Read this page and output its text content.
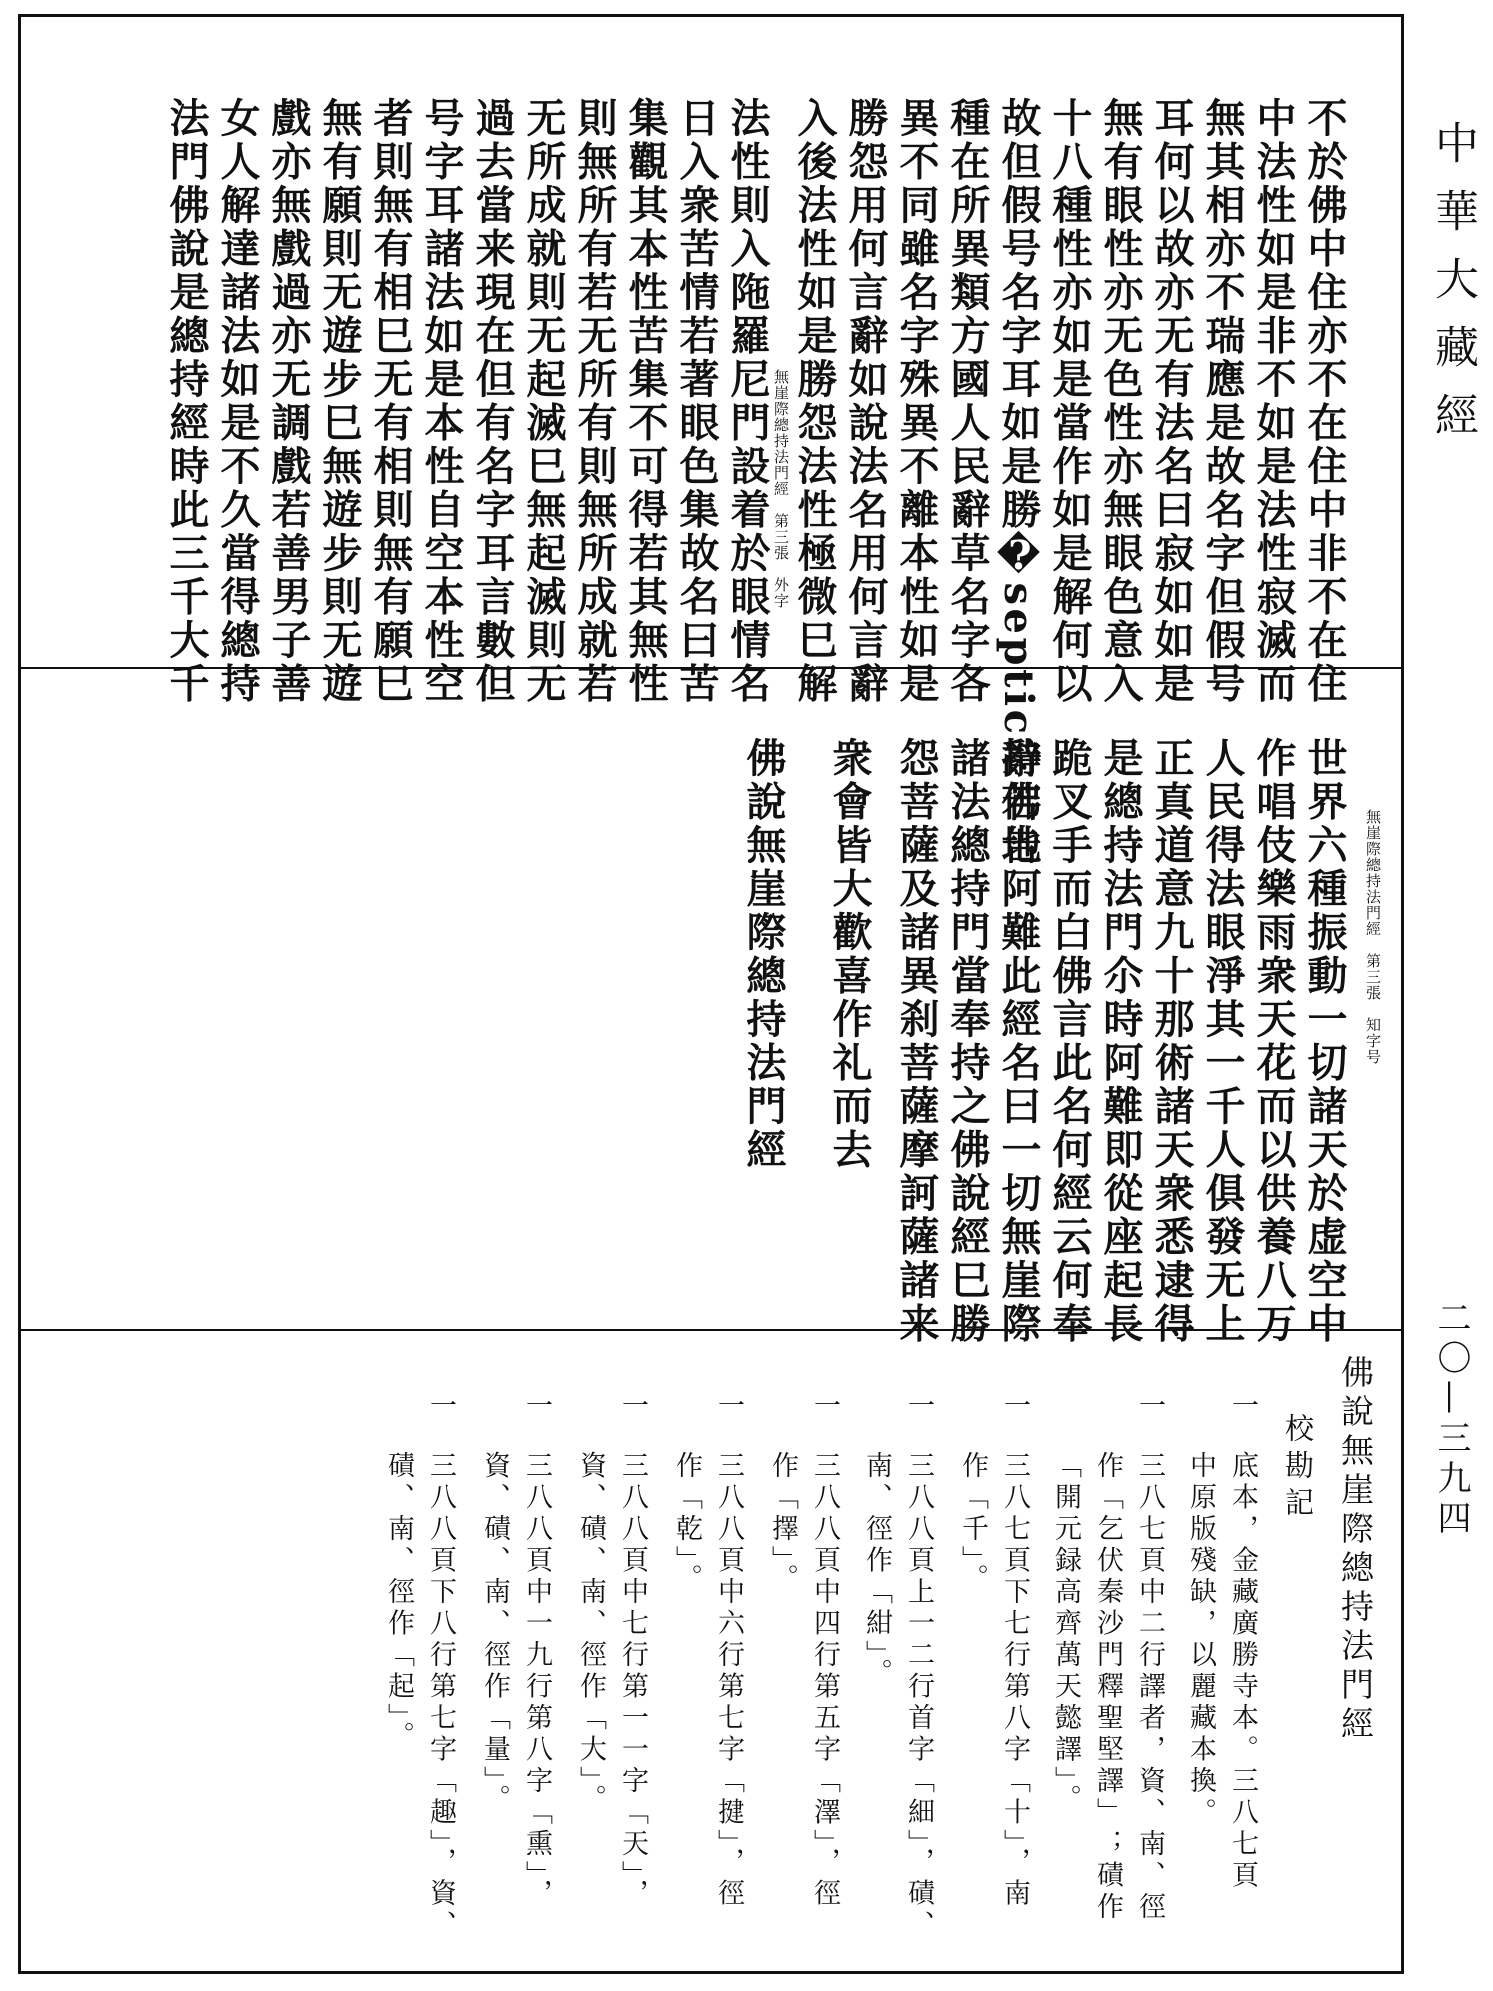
不於佛中住亦不在住中非不在住
中法性如是非不如是法性寂滅而
無其相亦不瑞應是故名字但假号
耳何以故亦无有法名曰寂如如是
無有眼性亦无色性亦無眼色意入
十八種性亦如是當作如是解何以
故但假号名字耳如是勝�septic辭若地
種在所異類方國人民辭草名字各
異不同雖名字殊異不離本性如是
勝怨用何言辭如說法名用何言辭
入後法性如是勝怨法性極微巳解
法性則入陁羅尼門設着於眼情名
日入衆苦情若著眼色集故名曰苦
集觀其本性苦集不可得若其無性
則無所有若无所有則無所成就若
无所成就則无起滅巳無起滅則无
過去當来現在但有名字耳言數但
号字耳諸法如是本性自空本性空
者則無有相巳无有相則無有願巳
無有願則无遊步巳無遊步則无遊
戲亦無戲過亦无調戲若善男子善
女人解達諸法如是不久當得總持
法門佛說是總持經時此三千大千	無崖際總持法門經　第三張　外字
世界六種振動一切諸天於虚空中
作唱伎樂雨衆天花而以供養八万
人民得法眼淨其一千人俱發无上
正真道意九十那術諸天衆悉逮得
是總持法門尒時阿難即從座起長
跪叉手而白佛言此名何經云何奉
持佛告阿難此經名曰一切無崖際
諸法總持門當奉持之佛說經巳勝
怨菩薩及諸異刹菩薩摩訶薩諸来
衆會皆大歡喜作礼而去
佛說無崖際總持法門經	無崖際總持法門經　第三張　知字号
佛說無崖際總持法門經
校勘記
一
底本，金藏廣勝寺本。三八七頁
中原版殘缺，以麗藏本換。
一
三八七頁中二行譯者，資、南、徑
作「乞伏秦沙門釋聖堅譯」；磧作
「開元録高齊萬天懿譯」。
一
三八七頁下七行第八字「十」，南
作「千」。
一
三八八頁上一二行首字「細」，磧、
南、徑作「紺」。
一
三八八頁中四行第五字「澤」，徑
作「擇」。
一
三八八頁中六行第七字「揵」，徑
作「乾」。
一
三八八頁中七行第一一字「天」，
資、磧、南、徑作「大」。
一
三八八頁中一九行第八字「熏」，
資、磧、南、徑作「量」。
一
三八八頁下八行第七字「趣」，資、
磧、南、徑作「起」。
中華大藏經
二〇—三九四
